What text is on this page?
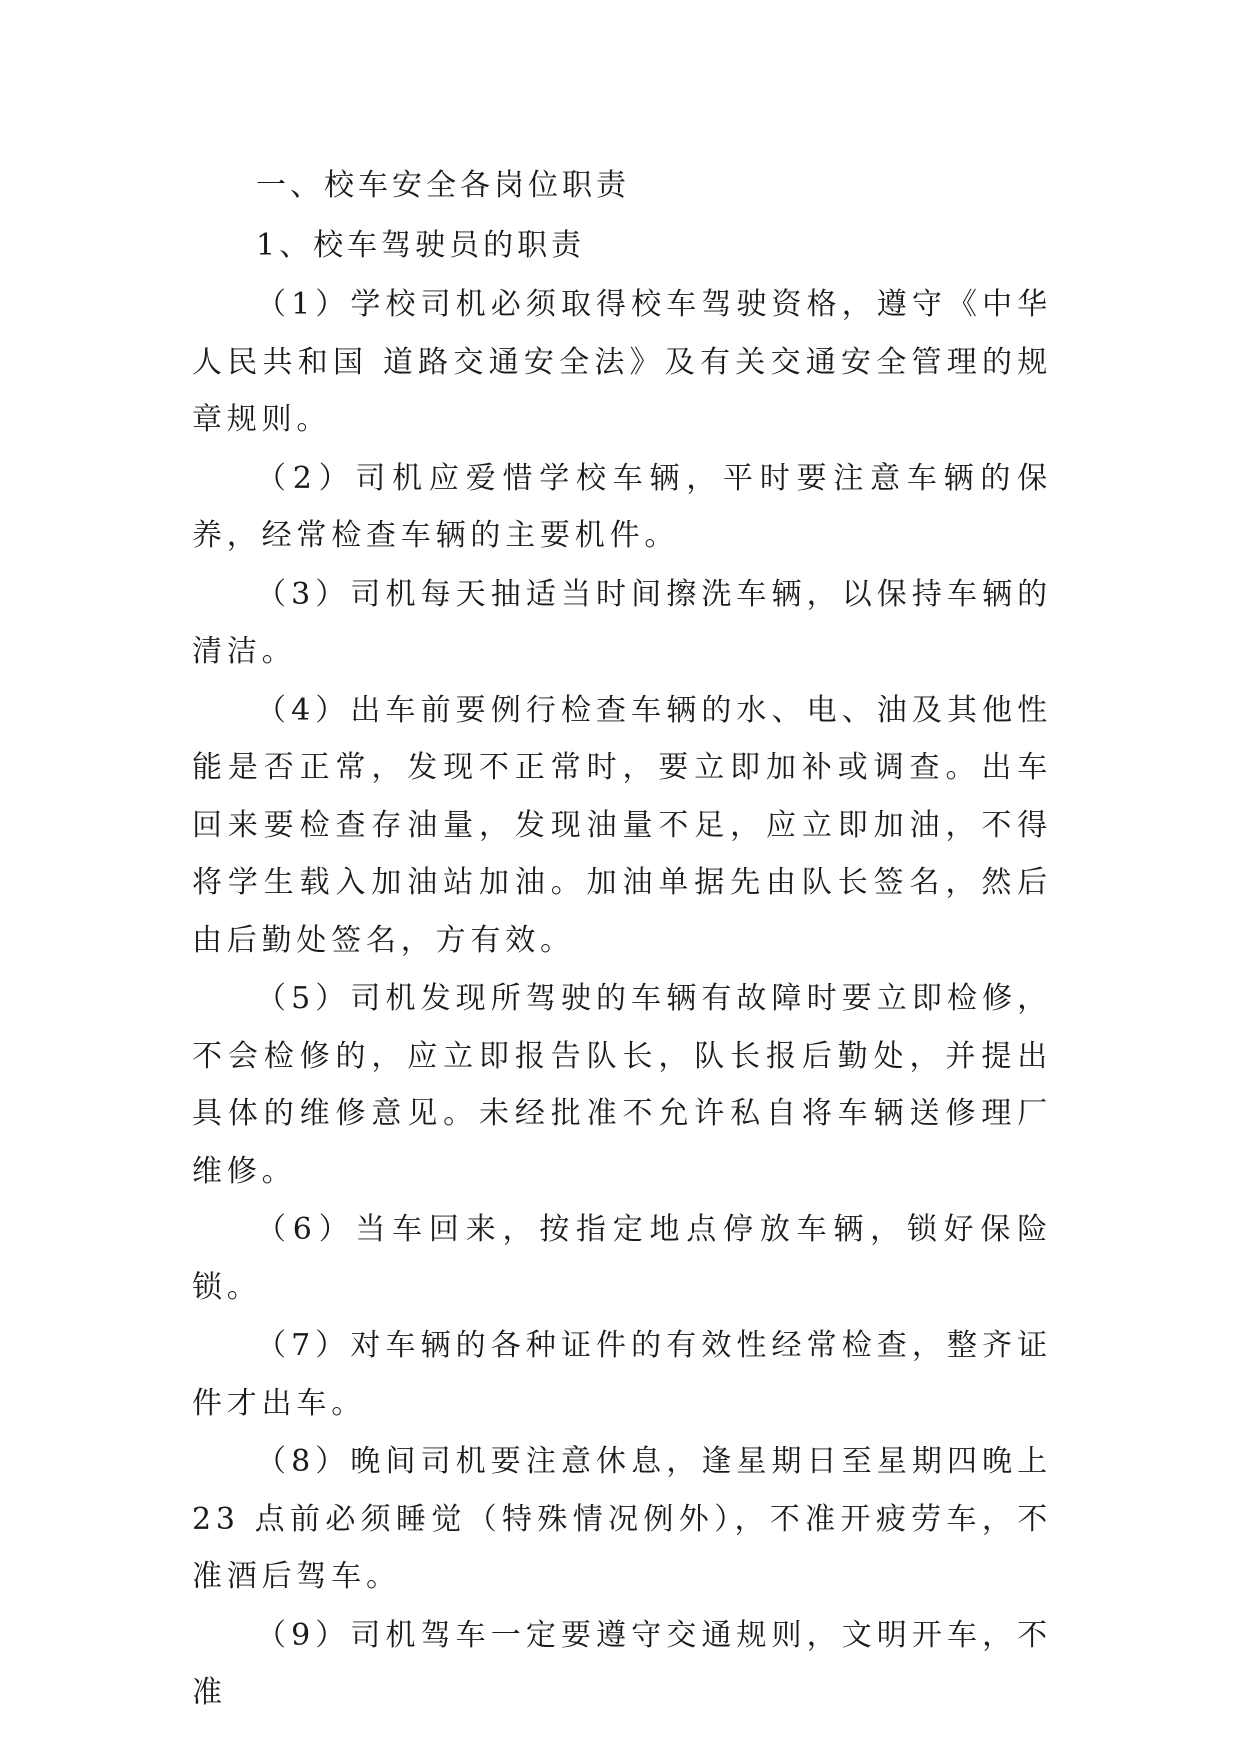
一、校车安全各岗位职责
1、校车驾驶员的职责

（1）学校司机必须取得校车驾驶资格，遵守《中华人民共和国 道路交通安全法》及有关交通安全管理的规章规则。

（2）司机应爱惜学校车辆，平时要注意车辆的保养，经常检查车辆的主要机件。

（3）司机每天抽适当时间擦洗车辆，以保持车辆的清洁。

（4）出车前要例行检查车辆的水、电、油及其他性能是否正常，发现不正常时，要立即加补或调查。出车回来要检查存油量，发现油量不足，应立即加油，不得将学生载入加油站加油。加油单据先由队长签名，然后由后勤处签名，方有效。

（5）司机发现所驾驶的车辆有故障时要立即检修，不会检修的，应立即报告队长，队长报后勤处，并提出具体的维修意见。未经批准不允许私自将车辆送修理厂维修。

（6）当车回来，按指定地点停放车辆，锁好保险锁。

（7）对车辆的各种证件的有效性经常检查，整齐证件才出车。

（8）晚间司机要注意休息，逢星期日至星期四晚上 23 点前必须睡觉（特殊情况例外），不准开疲劳车，不准酒后驾车。

（9）司机驾车一定要遵守交通规则，文明开车，不准
